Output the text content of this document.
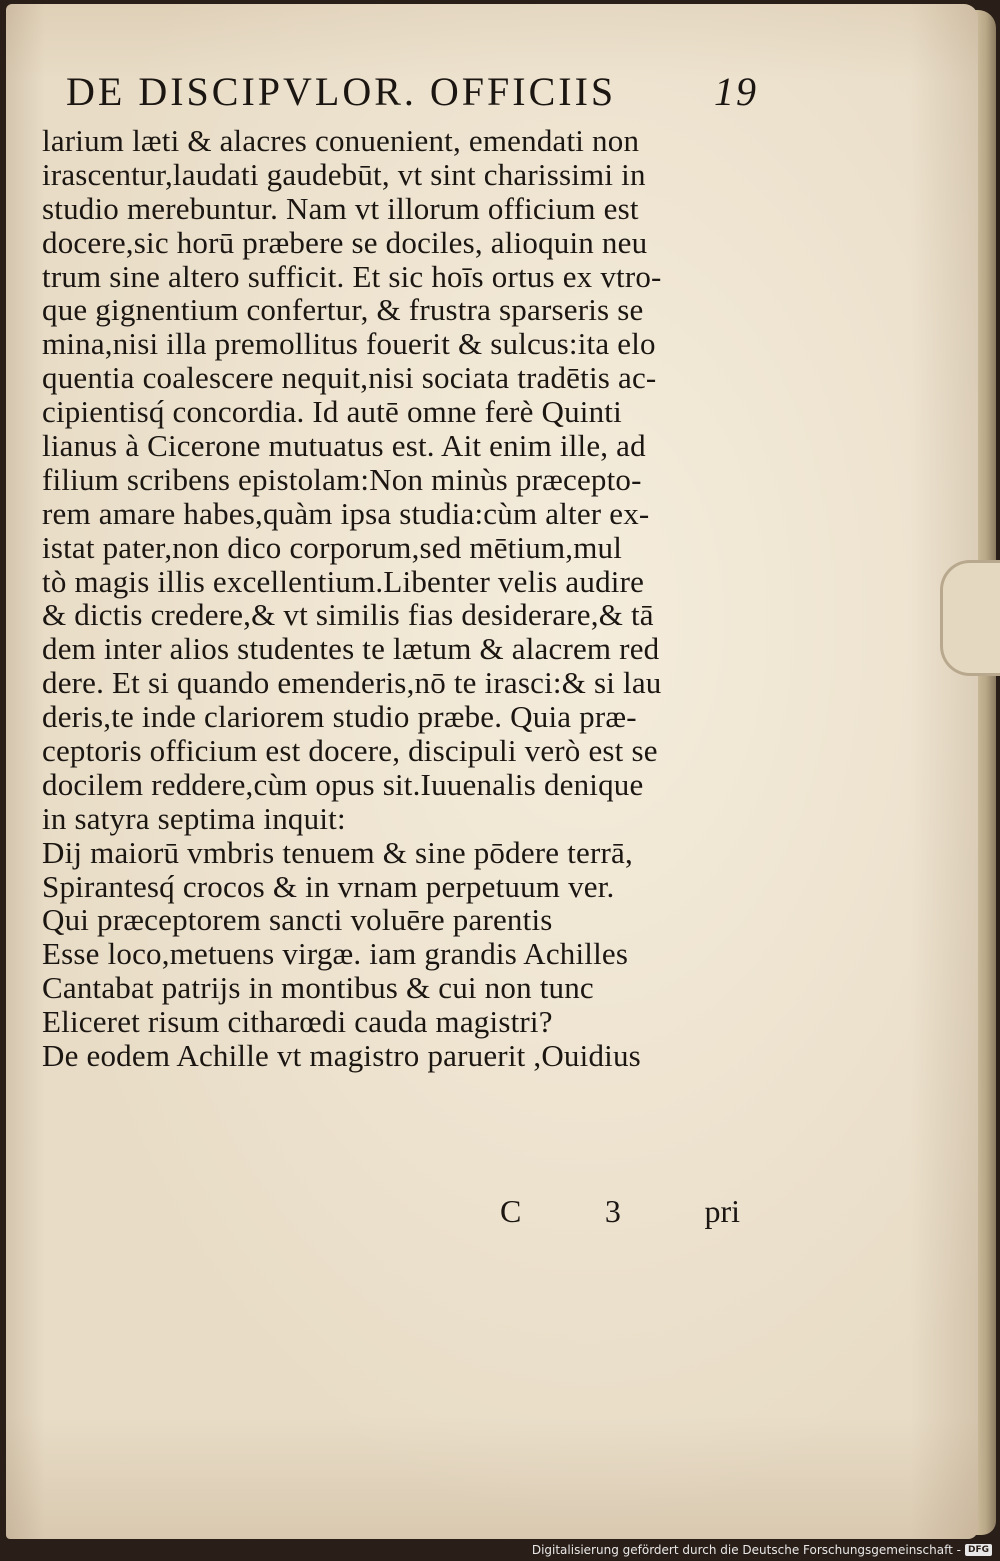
DE DISCIPVLOR. OFFICIIS 19
larium læti & alacres conuenient, emendati non
irascentur,laudati gaudebūt, vt sint charissimi in
studio merebuntur. Nam vt illorum officium est
docere,sic horū præbere se dociles, alioquin neu
trum sine altero sufficit. Et sic hoīs ortus ex vtro-
que gignentium confertur, & frustra sparseris se
mina,nisi illa premollitus fouerit & sulcus:ita elo
quentia coalescere nequit,nisi sociata tradētis ac-
cipientisq́ concordia. Id autē omne ferè Quinti
lianus à Cicerone mutuatus est. Ait enim ille, ad
filium scribens epistolam:Non minùs præcepto-
rem amare habes,quàm ipsa studia:cùm alter ex-
istat pater,non dico corporum,sed mētium,mul
tò magis illis excellentium.Libenter velis audire
& dictis credere,& vt similis fias desiderare,& tā
dem inter alios studentes te lætum & alacrem red
dere. Et si quando emenderis,nō te irasci:& si lau
deris,te inde clariorem studio præbe. Quia præ-
ceptoris officium est docere, discipuli verò est se
docilem reddere,cùm opus sit.Iuuenalis denique
in satyra septima inquit:
Dij maiorū vmbris tenuem & sine pōdere terrā,
Spirantesq́ crocos & in vrnam perpetuum ver.
Qui præceptorem sancti voluēre parentis
Esse loco,metuens virgæ. iam grandis Achilles
Cantabat patrijs in montibus & cui non tunc
Eliceret risum citharœdi cauda magistri?
De eodem Achille vt magistro paruerit ,Ouidius
C	3	pri
Digitalisierung gefördert durch die Deutsche Forschungsgemeinschaft - DFG
